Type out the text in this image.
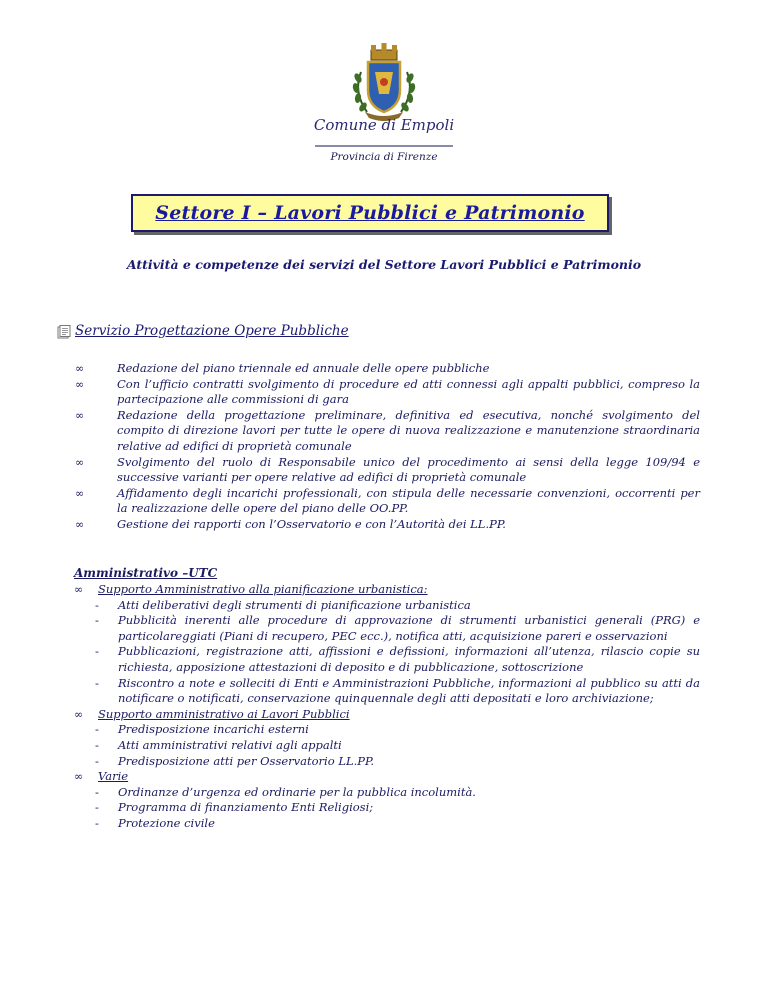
Comune di Empoli
Provincia di Firenze
Settore I – Lavori Pubblici e Patrimonio
Attività e competenze dei servizi del Settore Lavori Pubblici e Patrimonio
Servizio Progettazione Opere Pubbliche
∞	Redazione del piano triennale ed annuale delle opere pubbliche
∞	Con l’ufficio contratti svolgimento di procedure ed atti connessi agli appalti pubblici, compreso la partecipazione alle commissioni di gara
∞	Redazione della progettazione preliminare, definitiva ed esecutiva, nonché svolgimento del compito di direzione lavori per tutte le opere di nuova realizzazione e manutenzione straordinaria relative ad edifici di proprietà comunale
∞	Svolgimento del ruolo di Responsabile unico del procedimento ai sensi della legge 109/94 e successive varianti per opere relative ad edifici di proprietà comunale
∞	Affidamento degli incarichi professionali, con stipula delle necessarie convenzioni, occorrenti per la realizzazione delle opere del piano delle OO.PP.
∞	Gestione dei rapporti con l’Osservatorio e con l’Autorità dei LL.PP.
Amministrativo –UTC
∞ Supporto Amministrativo alla pianificazione urbanistica:
- Atti deliberativi degli strumenti di pianificazione urbanistica
- Pubblicità inerenti alle procedure di approvazione di strumenti urbanistici generali (PRG) e particolareggiati (Piani di recupero, PEC ecc.), notifica atti, acquisizione pareri e osservazioni
- Pubblicazioni, registrazione atti, affissioni e defissioni, informazioni all’utenza, rilascio copie su richiesta, apposizione attestazioni di deposito e di pubblicazione, sottoscrizione
- Riscontro a note e solleciti di Enti e Amministrazioni Pubbliche, informazioni al pubblico su atti da notificare o notificati, conservazione quinquennale degli atti depositati e loro archiviazione;
∞ Supporto amministrativo ai Lavori Pubblici
- Predisposizione incarichi esterni
- Atti amministrativi relativi agli appalti
- Predisposizione atti per Osservatorio LL.PP.
∞ Varie
- Ordinanze d’urgenza ed ordinarie per la pubblica incolumità.
- Programma di finanziamento Enti Religiosi;
- Protezione civile
